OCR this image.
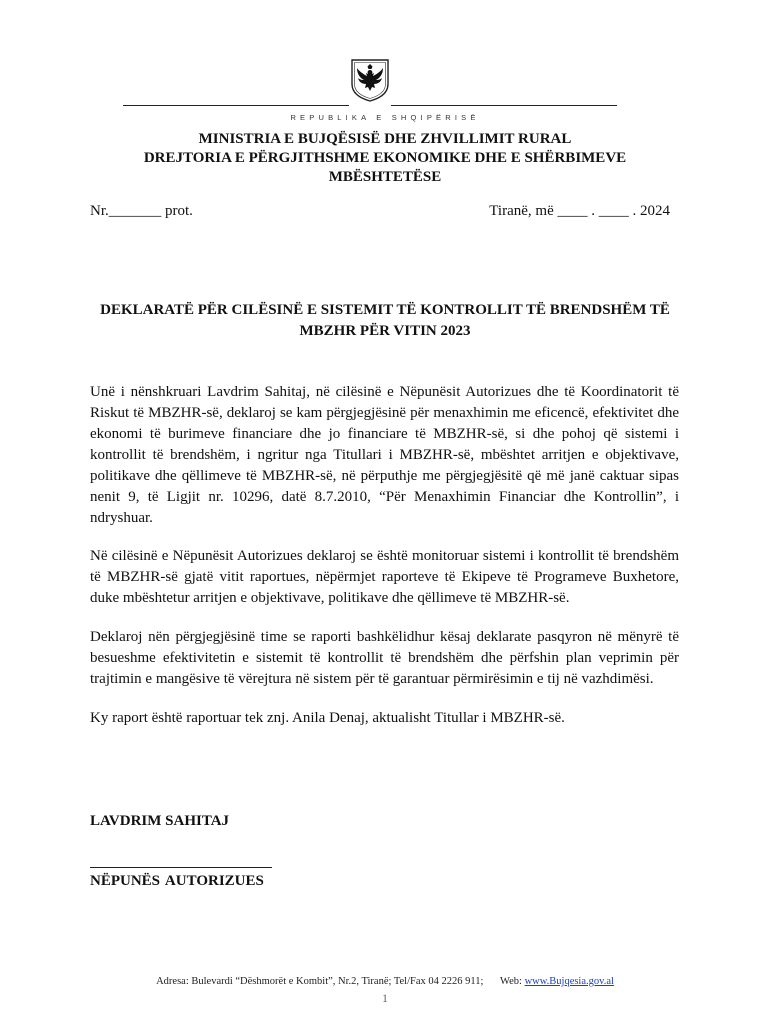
REPUBLIKA E SHQIPËRISË
MINISTRIA E BUJQËSISË DHE ZHVILLIMIT RURAL
DREJTORIA E PËRGJITHSHME EKONOMIKE DHE E SHËRBIMEVE
MBËSHTETËSE
Nr._______ prot.	Tiranë, më ____ . ____ . 2024
DEKLARATË PËR CILËSINË E SISTEMIT TË KONTROLLIT TË BRENDSHËM TË
MBZHR PËR VITIN 2023
Unë i nënshkruari Lavdrim Sahitaj, në cilësinë e Nëpunësit Autorizues dhe të Koordinatorit të Riskut të MBZHR-së, deklaroj se kam përgjegjësinë për menaxhimin me eficencë, efektivitet dhe ekonomi të burimeve financiare dhe jo financiare të MBZHR-së, si dhe pohoj që sistemi i kontrollit të brendshëm, i ngritur nga Titullari i MBZHR-së, mbështet arritjen e objektivave, politikave dhe qëllimeve të MBZHR-së, në përputhje me përgjegjësitë që më janë caktuar sipas nenit 9, të Ligjit nr. 10296, datë 8.7.2010, “Për Menaxhimin Financiar dhe Kontrollin”, i ndryshuar.
Në cilësinë e Nëpunësit Autorizues deklaroj se është monitoruar sistemi i kontrollit të brendshëm të MBZHR-së gjatë vitit raportues, nëpërmjet raporteve të Ekipeve të Programeve Buxhetore, duke mbështetur arritjen e objektivave, politikave dhe qëllimeve të MBZHR-së.
Deklaroj nën përgjegjësinë time se raporti bashkëlidhur kësaj deklarate pasqyron në mënyrë të besueshme efektivitetin e sistemit të kontrollit të brendshëm dhe përfshin plan veprimin për trajtimin e mangësive të vërejtura në sistem për të garantuar përmirësimin e tij në vazhdimësi.
Ky raport është raportuar tek znj. Anila Denaj, aktualisht Titullar i MBZHR-së.
LAVDRIM SAHITAJ
NËPUNËS AUTORIZUES
Adresa: Bulevardi “Dëshmorët e Kombit”, Nr.2, Tiranë; Tel/Fax 04 2226 911; Web: www.Bujqesia.gov.al
1
